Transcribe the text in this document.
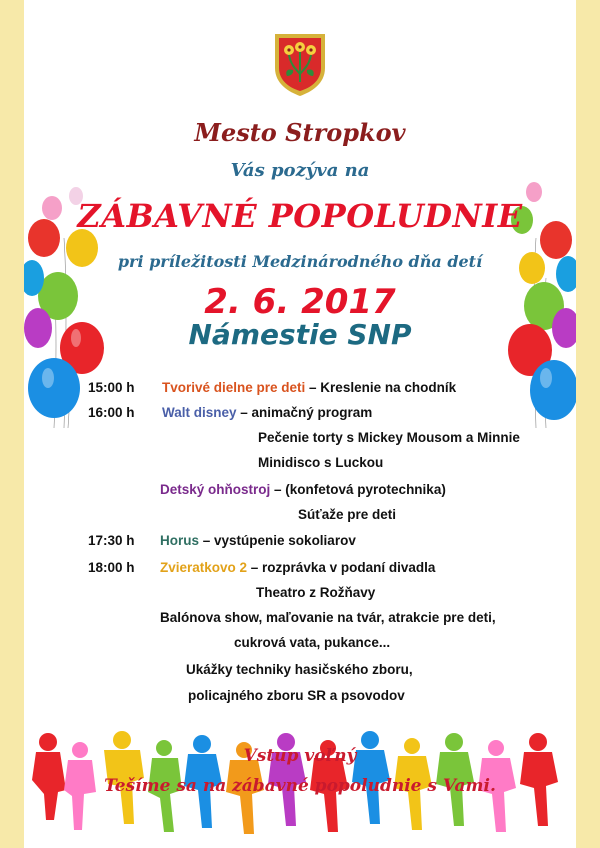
Mesto Stropkov
Vás pozýva na
ZÁBAVNÉ POPOLUDNIE
pri príležitosti Medzinárodného dňa detí
2. 6. 2017
Námestie SNP
15:00 h Tvorivé dielne pre deti – Kreslenie na chodník
16:00 h Walt disney – animačný program
Pečenie torty s Mickey Mousom a Minnie
Minidisco s Luckou
Detský ohňostroj – (konfetová pyrotechnika)
Súťaže pre deti
17:30 h Horus – vystúpenie sokoliarov
18:00 h Zvieratkovo 2 – rozprávka v podaní divadla
Theatro z Rožňavy
Balónova show, maľovanie na tvár, atrakcie pre deti,
cukrová vata, pukance...
Ukážky techniky hasičského zboru,
policajného zboru SR a psovodov
Vstup voľný
Tešíme sa na zábavné popoludnie s Vami.
